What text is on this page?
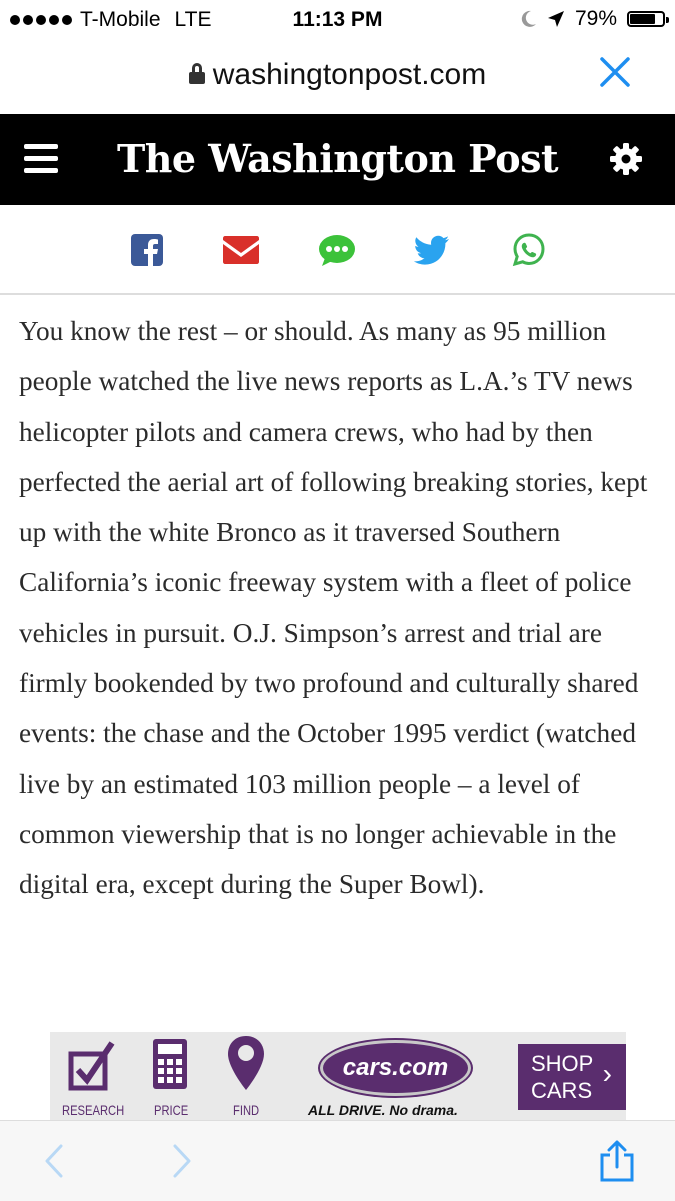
T-Mobile LTE	11:13 PM	79%
washingtonpost.com
The Washington Post

You know the rest – or should. As many as 95 million people watched the live news reports as L.A.’s TV news helicopter pilots and camera crews, who had by then perfected the aerial art of following breaking stories, kept up with the white Bronco as it traversed Southern California’s iconic freeway system with a fleet of police vehicles in pursuit. O.J. Simpson’s arrest and trial are firmly bookended by two profound and culturally shared events: the chase and the October 1995 verdict (watched live by an estimated 103 million people – a level of common viewership that is no longer achievable in the digital era, except during the Super Bowl).

RESEARCH PRICE	FIND
cars.com
ALL DRIVE. No drama.
SHOP
CARS
›
